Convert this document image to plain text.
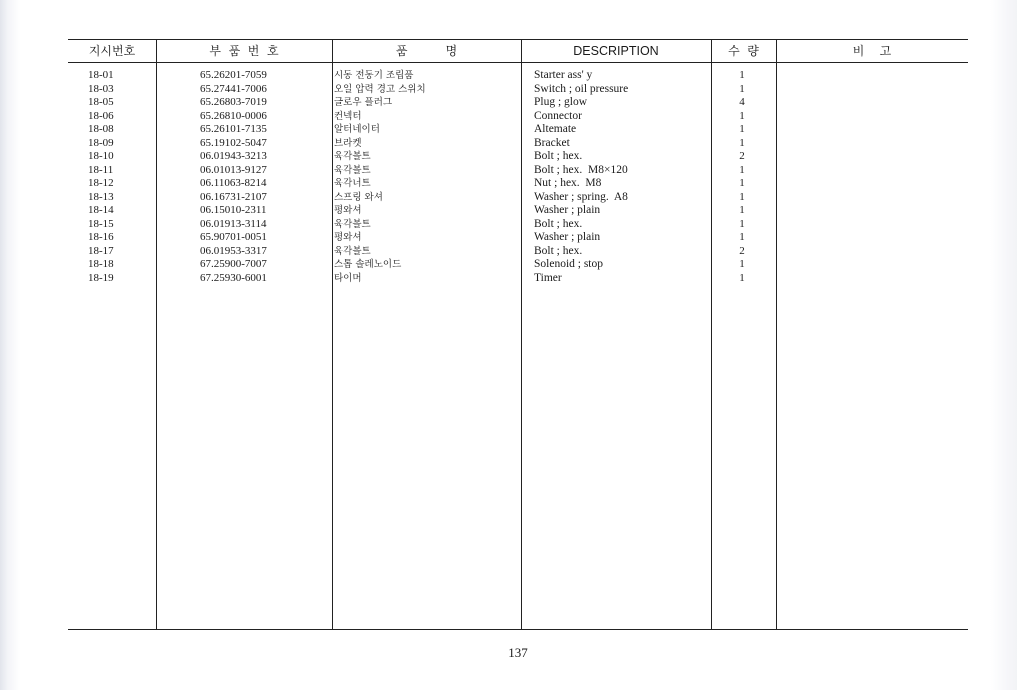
지시번호	부  품  번  호	품          명	DESCRIPTION	수  량	비    고
18-01	65.26201-7059	시동 전동기 조립품	Starter ass' y	1
18-03	65.27441-7006	오일 압력 경고 스위치	Switch ; oil pressure	1
18-05	65.26803-7019	글로우 플러그	Plug ; glow	4
18-06	65.26810-0006	컨넥터	Connector	1
18-08	65.26101-7135	알터네이터	Altemate	1
18-09	65.19102-5047	브라켓	Bracket	1
18-10	06.01943-3213	육각볼트	Bolt ; hex.	2
18-11	06.01013-9127	육각볼트	Bolt ; hex.  M8×120	1
18-12	06.11063-8214	육각너트	Nut ; hex.  M8	1
18-13	06.16731-2107	스프링 와셔	Washer ; spring.  A8	1
18-14	06.15010-2311	평와셔	Washer ; plain	1
18-15	06.01913-3114	육각볼트	Bolt ; hex.	1
18-16	65.90701-0051	평와셔	Washer ; plain	1
18-17	06.01953-3317	육각볼트	Bolt ; hex.	2
18-18	67.25900-7007	스톱 솔레노이드	Solenoid ; stop	1
18-19	67.25930-6001	타이머	Timer	1
137
